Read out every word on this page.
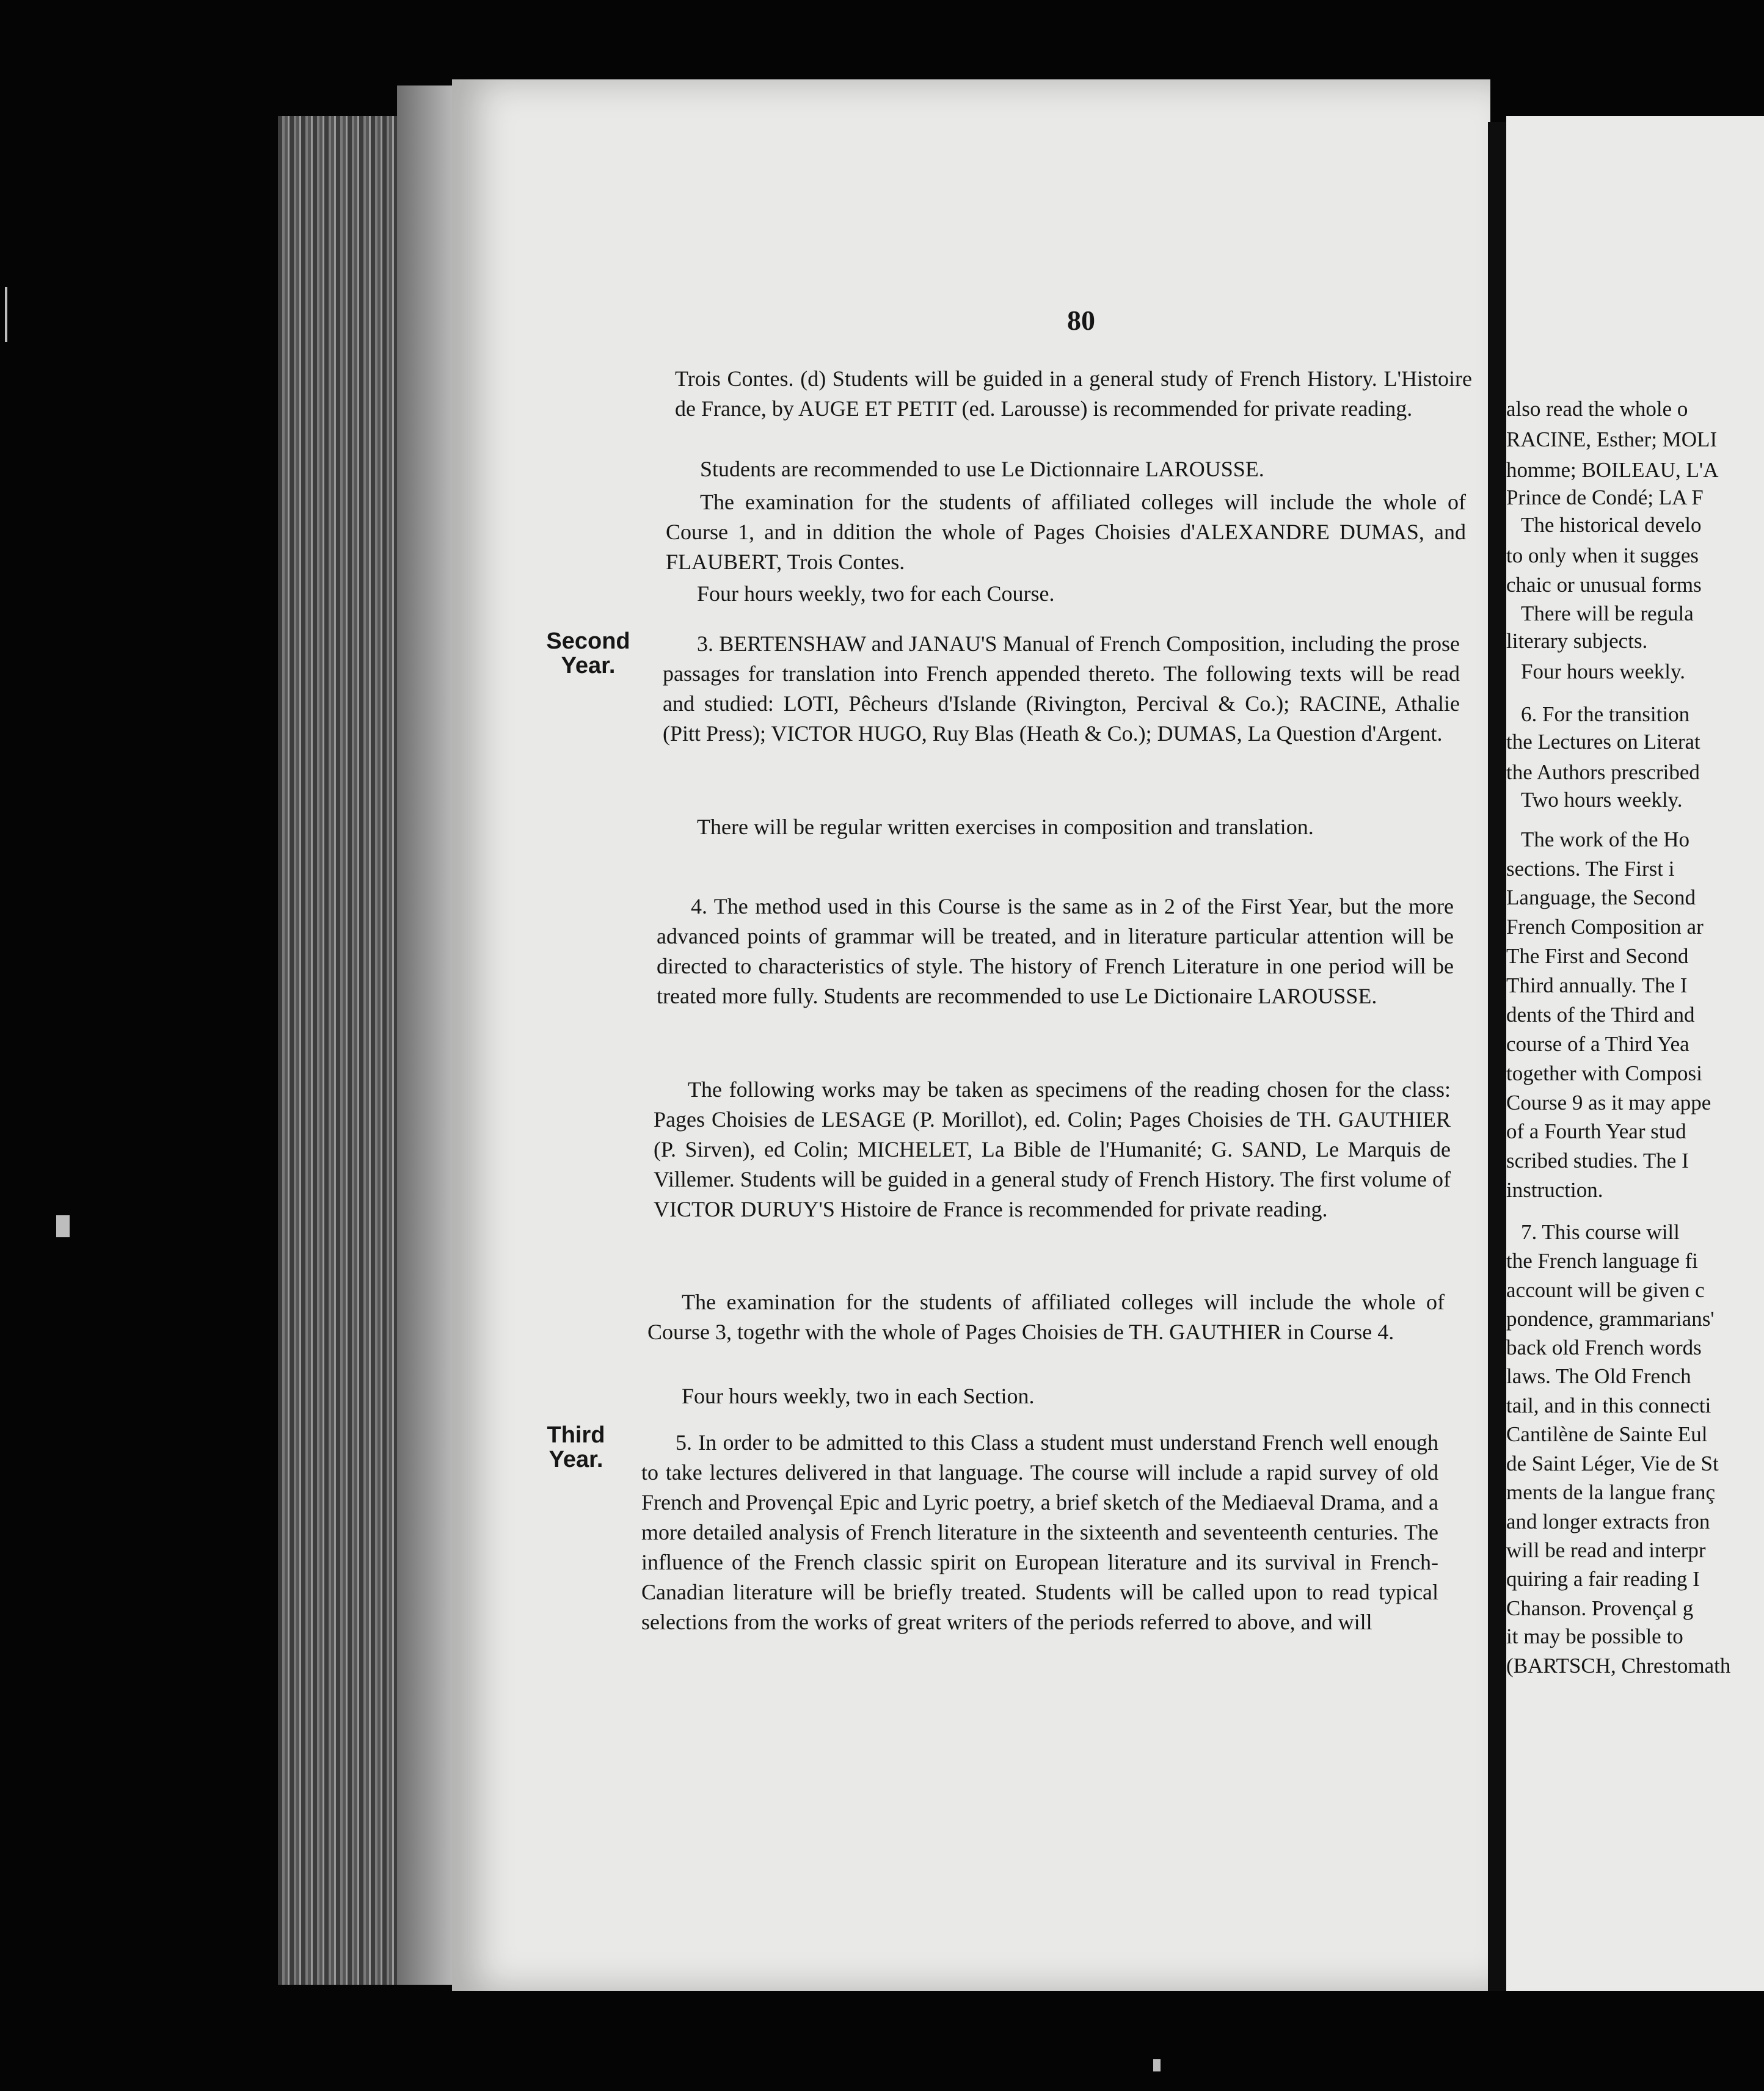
also read the whole o
RACINE, Esther; MOLI
homme; BOILEAU, L'A
Prince de Condé; LA F
The historical develo
to only when it sugges
chaic or unusual forms
There will be regula
literary subjects.
Four hours weekly.
6. For the transition
the Lectures on Literat
the Authors prescribed
Two hours weekly.
The work of the Ho
sections. The First i
Language, the Second
French Composition ar
The First and Second
Third annually. The I
dents of the Third and
course of a Third Yea
together with Composi
Course 9 as it may appe
of a Fourth Year stud
scribed studies. The I
instruction.
7. This course will
the French language fi
account will be given c
pondence, grammarians'
back old French words
laws. The Old French
tail, and in this connecti
Cantilène de Sainte Eul
de Saint Léger, Vie de St
ments de la langue franç
and longer extracts fron
will be read and interpr
quiring a fair reading I
Chanson. Provençal g
it may be possible to
(BARTSCH, Chrestomath
80
Second
Year.
Third
Year.

Trois Contes. (d) Students will be guided in a general study of French History. L'Histoire de France, by AUGE ET PETIT (ed. Larousse) is recommended for private reading.

Students are recommended to use Le Dictionnaire LAROUSSE.

The examination for the students of affiliated colleges will include the whole of Course 1, and in ddition the whole of Pages Choisies d'ALEXANDRE DUMAS, and FLAUBERT, Trois Contes.

Four hours weekly, two for each Course.

3. BERTENSHAW and JANAU'S Manual of French Composition, including the prose passages for translation into French appended thereto. The following texts will be read and studied: LOTI, Pêcheurs d'Islande (Rivington, Percival & Co.); RACINE, Athalie (Pitt Press); VICTOR HUGO, Ruy Blas (Heath & Co.); DUMAS, La Question d'Argent.

There will be regular written exercises in composition and translation.

4. The method used in this Course is the same as in 2 of the First Year, but the more advanced points of grammar will be treated, and in literature particular attention will be directed to characteristics of style. The history of French Literature in one period will be treated more fully. Students are recommended to use Le Dictionaire LAROUSSE.

The following works may be taken as specimens of the reading chosen for the class: Pages Choisies de LESAGE (P. Morillot), ed. Colin; Pages Choisies de TH. GAUTHIER (P. Sirven), ed Colin; MICHELET, La Bible de l'Humanité; G. SAND, Le Marquis de Villemer. Students will be guided in a general study of French History. The first volume of VICTOR DURUY'S Histoire de France is recommended for private reading.

The examination for the students of affiliated colleges will include the whole of Course 3, togethr with the whole of Pages Choisies de TH. GAUTHIER in Course 4.

Four hours weekly, two in each Section.

5. In order to be admitted to this Class a student must understand French well enough to take lectures delivered in that language. The course will include a rapid survey of old French and Provençal Epic and Lyric poetry, a brief sketch of the Mediaeval Drama, and a more detailed analysis of French literature in the sixteenth and seventeenth centuries. The influence of the French classic spirit on European literature and its survival in French-Canadian literature will be briefly treated. Students will be called upon to read typical selections from the works of great writers of the periods referred to above, and will
